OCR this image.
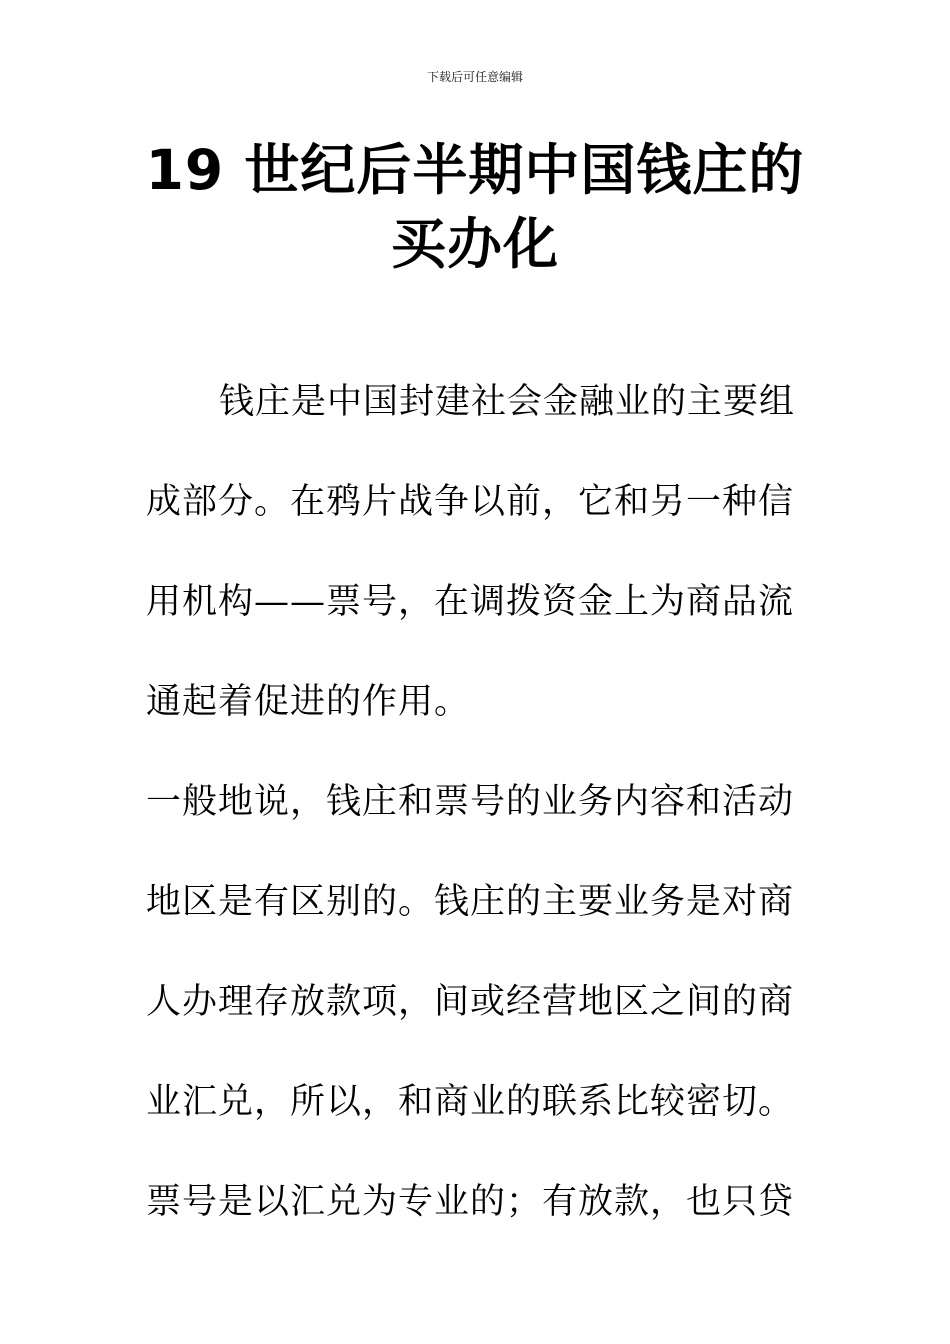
下载后可任意编辑
19 世纪后半期中国钱庄的
买办化
钱庄是中国封建社会金融业的主要组
成部分。在鸦片战争以前，它和另一种信
用机构——票号，在调拨资金上为商品流
通起着促进的作用。
一般地说，钱庄和票号的业务内容和活动
地区是有区别的。钱庄的主要业务是对商
人办理存放款项，间或经营地区之间的商
业汇兑，所以，和商业的联系比较密切。
票号是以汇兑为专业的；有放款，也只贷
